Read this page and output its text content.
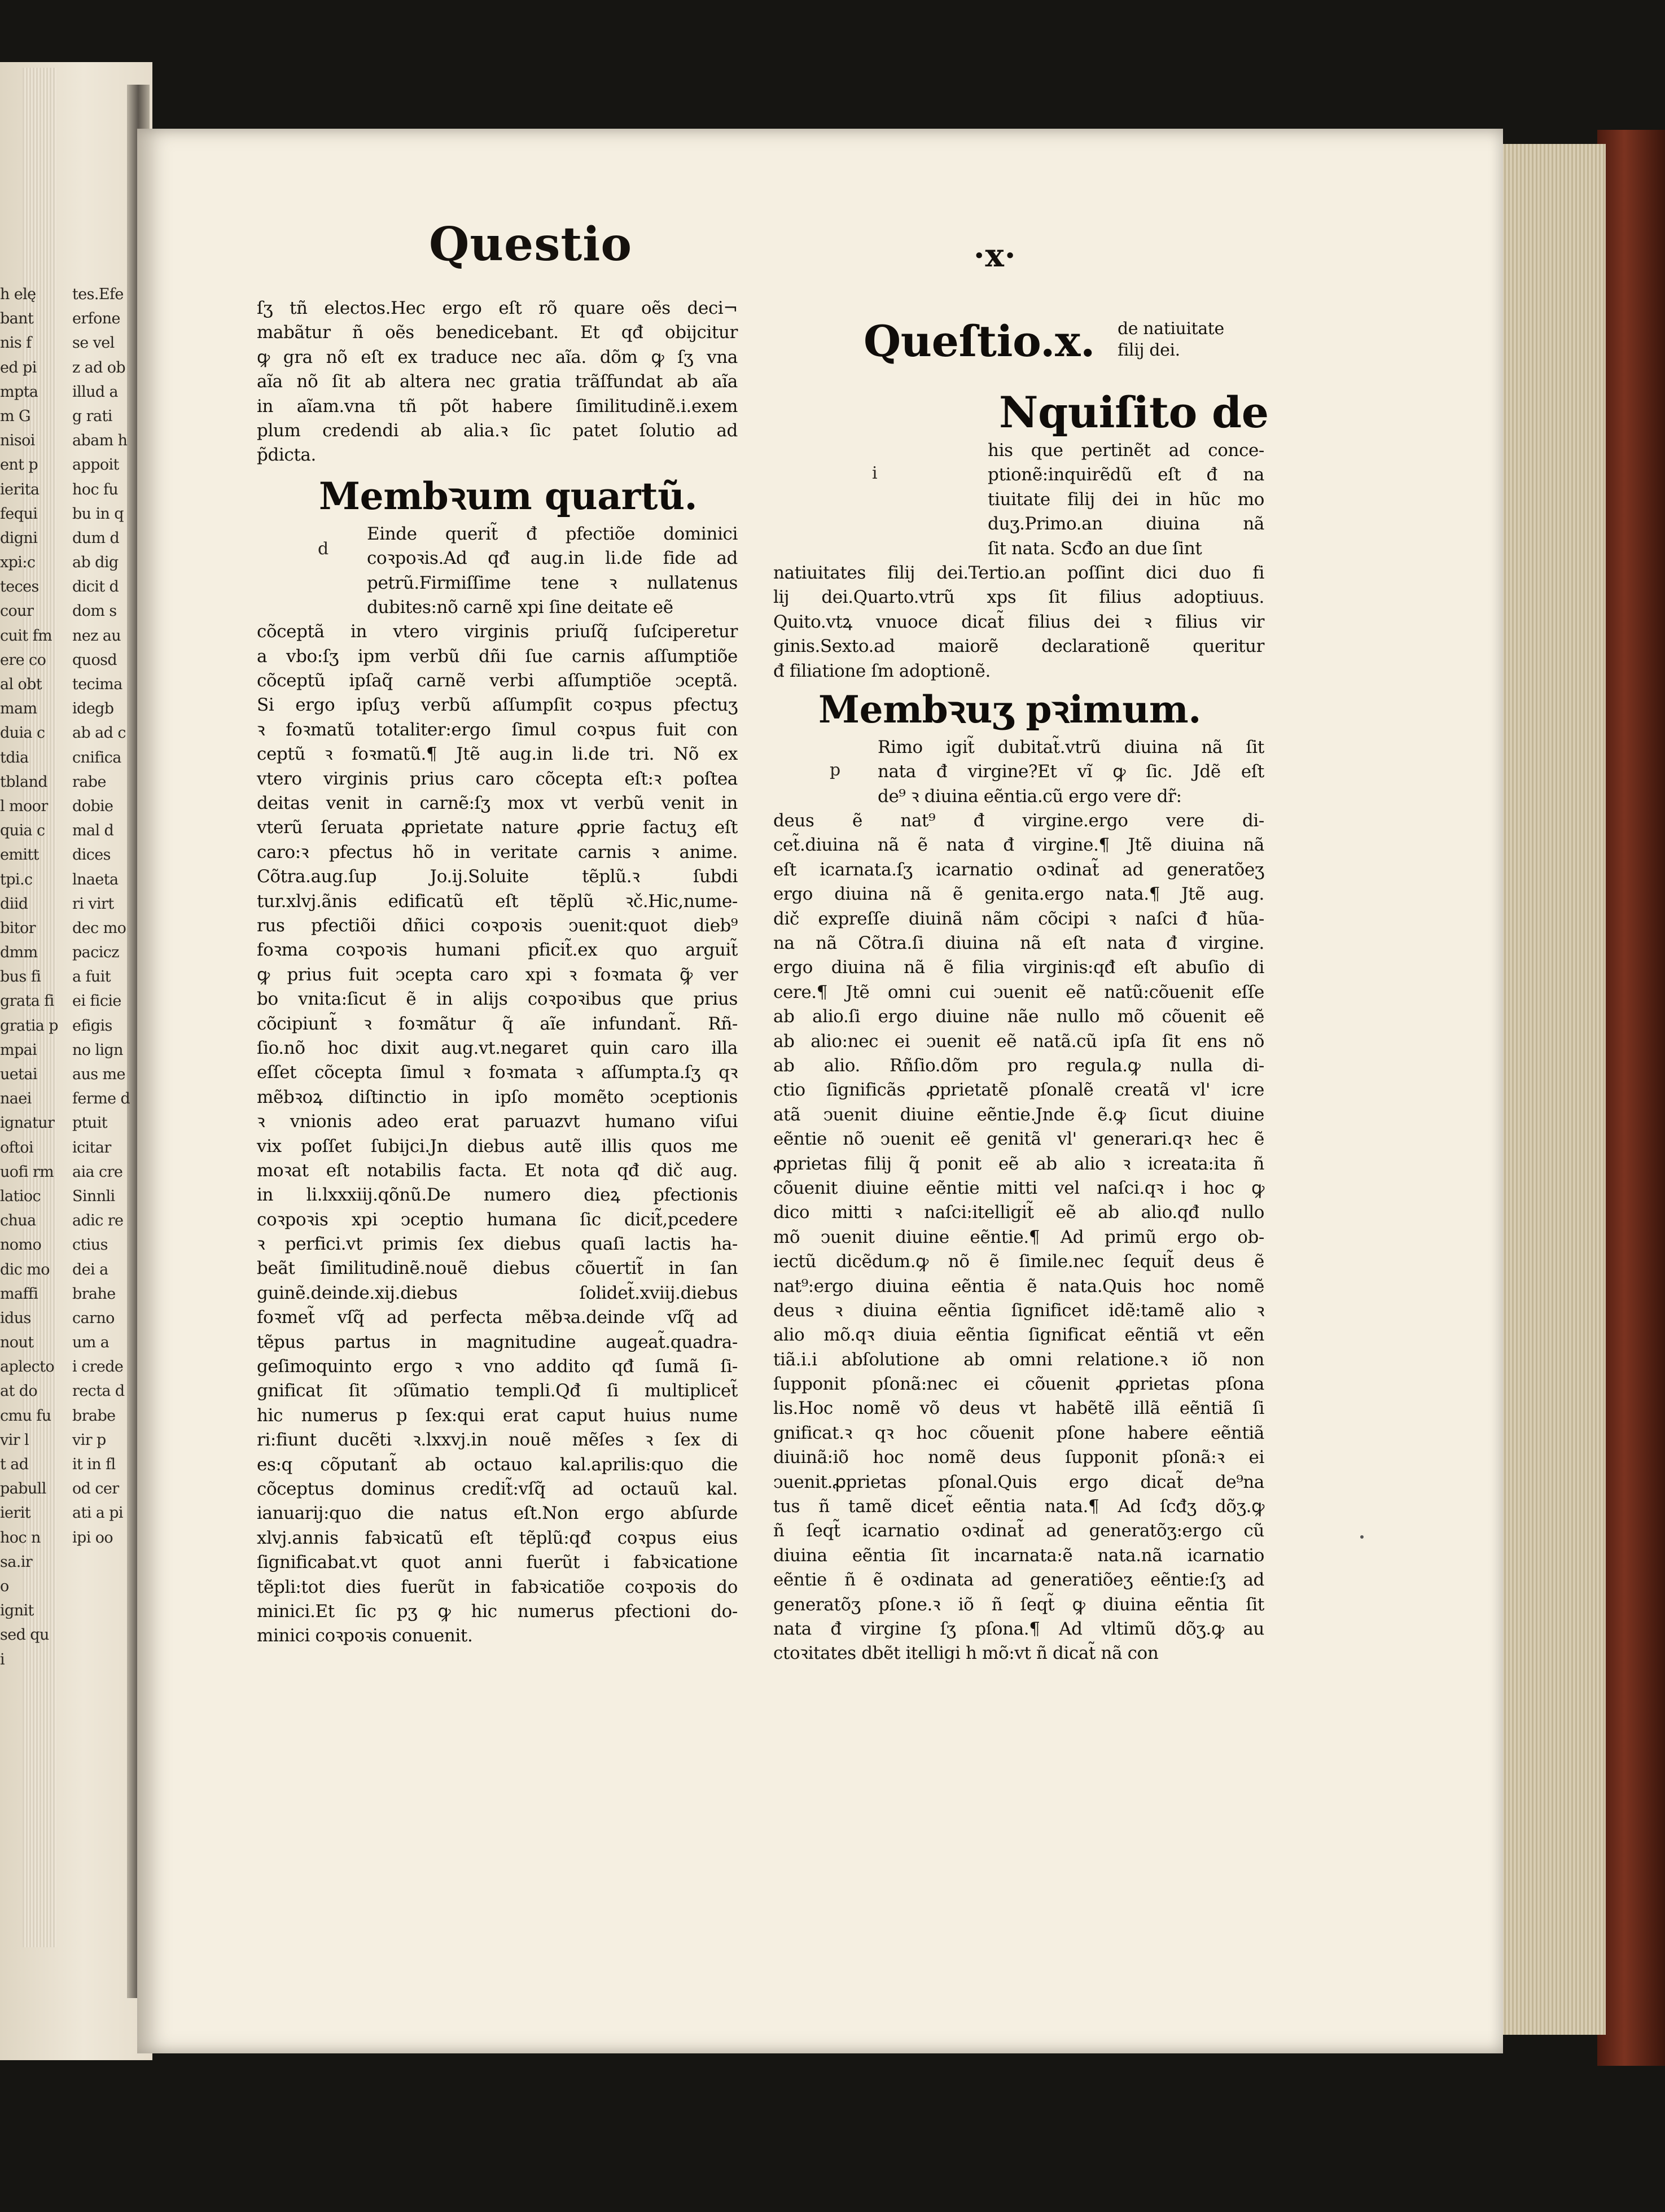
h elę
bant
nis f
ed pi
mpta
m G
nisoi
ent p
ierita
fequi
digni
xpi:c
teces
cour
cuit fm
ere co
al obt
mam
duia c
tdia
tbland
l moor
quia c
emitt
tpi.c
diid
bitor
dmm
bus fi
grata fi
gratia p
mpai
uetai
naei
ignatur
oftoi
uofi rm
latioc
chua
nomo
dic mo
maffi
idus
nout
aplecto
at do
cmu fu
vir l
t ad
pabull
ierit
hoc n
sa.ir
o
ignit
sed qu
i
tes.Efe
erfone
se vel
z ad ob
illud a
g rati
abam h
appoit
hoc fu
bu in q
dum d
ab dig
dicit d
dom s
nez au
quosd
tecima
idegb
ab ad c
cnifica
rabe
dobie
mal d
dices
lnaeta
ri virt
dec mo
pacicz
a fuit
ei ficie
efigis
no lign
aus me
ferme d
ptuit
icitar
aia cre
Sinnli
adic re
ctius
dei a
brahe
carno
um a
i crede
recta d
brabe
vir p
it in fl
od cer
ati a pi
ipi oo
Questio	·x·
ſʒ tñ electos.Hec ergo eſt rõ quare oẽs deci¬
mabãtur ñ oẽs benedicebant. Et qđ obijcitur
ꝙ gra nõ eſt ex traduce nec aĩa. dõm ꝙ ſʒ vna
aĩa nõ ſit ab altera nec gratia trãſfundat ab aĩa
in aĩam.vna tñ põt habere ſimilitudinẽ.i.exem
plum credendi ab alia.ꝛ ſic patet ſolutio ad
p̃dicta.
Membꝛum quartũ.
d
Einde querit̃ đ pfectiõe dominici
coꝛpoꝛis.Ad qđ aug.in li.de fide ad
petrũ.Firmiſſime tene ꝛ nullatenus
dubites:nõ carnẽ xpi ſine deitate eẽ
cõceptã in vtero virginis priuſq̃ ſuſciperetur
a vbo:ſʒ ipm verbũ dñi ſue carnis aſſumptiõe
cõceptũ ipſaq̃ carnẽ verbi aſſumptiõe ↄceptã.
Si ergo ipſuʒ verbũ aſſumpſit coꝛpus pfectuʒ
ꝛ foꝛmatũ totaliter:ergo ſimul coꝛpus fuit con
ceptũ ꝛ foꝛmatũ.¶ Jtẽ aug.in li.de tri. Nõ ex
vtero virginis prius caro cõcepta eſt:ꝛ poſtea
deitas venit in carnẽ:ſʒ mox vt verbũ venit in
vterũ ſeruata ꝓprietate nature ꝓprie factuʒ eſt
caro:ꝛ pfectus hõ in veritate carnis ꝛ anime.
Cõtra.aug.ſup Jo.ij.Soluite tẽplũ.ꝛ ſubdi
tur.xlvj.ãnis edificatũ eſt tẽplũ ꝛč.Hic,nume-
rus pfectiõi dñici coꝛpoꝛis ↄuenit:quot dieb⁹
foꝛma coꝛpoꝛis humani pficit̃.ex quo arguit̃
ꝙ prius fuit ↄcepta caro xpi ꝛ foꝛmata ꝙ̃ ver
bo vnita:ſicut ẽ in alijs coꝛpoꝛibus que prius
cõcipiunt̃ ꝛ foꝛmãtur q̃ aĩe infundant̃. Rñ-
ſio.nõ hoc dixit aug.vt.negaret quin caro illa
eſſet cõcepta ſimul ꝛ foꝛmata ꝛ aſſumpta.ſʒ qꝛ
mẽbꝛoꝝ diſtinctio in ipſo momẽto ↄceptionis
ꝛ vnionis adeo erat paruazvt humano viſui
vix poſſet ſubijci.Jn diebus autẽ illis quos me
moꝛat eſt notabilis facta. Et nota qđ dič aug.
in li.lxxxiij.qõnũ.De numero dieꝝ pfectionis
coꝛpoꝛis xpi ↄceptio humana ſic dicit̃,pcedere
ꝛ perfici.vt primis ſex diebus quaſi lactis ha-
beãt ſimilitudinẽ.nouẽ diebus cõuertit̃ in ſan
guinẽ.deinde.xij.diebus ſolidet̃.xviij.diebus
foꝛmet̃ vſq̃ ad perfecta mẽbꝛa.deinde vſq̃ ad
tẽpus partus in magnitudine augeat̃.quadra-
geſimoquinto ergo ꝛ vno addito qđ ſumã ſi-
gnificat ſit ↄſũmatio templi.Qđ ſi multiplicet̃
hic numerus p ſex:qui erat caput huius nume
ri:fiunt ducẽti ꝛ.lxxvj.in nouẽ mẽſes ꝛ ſex di
es:q cõputant̃ ab octauo kal.aprilis:quo die
cõceptus dominus credit̃:vſq̃ ad octauũ kal.
ianuarij:quo die natus eſt.Non ergo abſurde
xlvj.annis fabꝛicatũ eſt tẽplũ:qđ coꝛpus eius
ſignificabat.vt quot anni fuerũt i fabꝛicatione
tẽpli:tot dies fuerũt in fabꝛicatiõe coꝛpoꝛis do
minici.Et ſic pʒ ꝙ hic numerus pfectioni do-
minici coꝛpoꝛis conuenit.
Queſtio.x. de natiuitate
filij dei.
Nquiſito de
i
his que pertinẽt ad conce-
ptionẽ:inquirẽdũ eſt đ na
tiuitate filij dei in hũc mo
duʒ.Primo.an diuina nã
ſit nata. Scđo an due ſint
natiuitates filij dei.Tertio.an poſſint dici duo fi
lij dei.Quarto.vtrũ xps ſit filius adoptiuus.
Quito.vtꝝ vnuoce dicat̃ filius dei ꝛ filius vir
ginis.Sexto.ad maiorẽ declarationẽ queritur
đ filiatione ſm adoptionẽ.
Membꝛuʒ pꝛimum.
p
Rimo igit̃ dubitat̃.vtrũ diuina nã ſit
nata đ virgine?Et vĩ ꝙ ſic. Jdẽ eſt
de⁹ ꝛ diuina eẽntia.cũ ergo vere dr̃:
deus ẽ nat⁹ đ virgine.ergo vere di-
cet̃.diuina nã ẽ nata đ virgine.¶ Jtẽ diuina nã
eſt icarnata.ſʒ icarnatio oꝛdinat̃ ad generatõeʒ
ergo diuina nã ẽ genita.ergo nata.¶ Jtẽ aug.
dič expreſſe diuinã nãm cõcipi ꝛ naſci đ hũa-
na nã Cõtra.ſi diuina nã eſt nata đ virgine.
ergo diuina nã ẽ filia virginis:qđ eſt abuſio di
cere.¶ Jtẽ omni cui ↄuenit eẽ natũ:cõuenit eſſe
ab alio.ſi ergo diuine nãe nullo mõ cõuenit eẽ
ab alio:nec ei ↄuenit eẽ natã.cũ ipſa ſit ens nõ
ab alio. Rñſio.dõm pro regula.ꝙ nulla di-
ctio ſignificãs ꝓprietatẽ pſonalẽ creatã vl' icre
atã ↄuenit diuine eẽntie.Jnde ẽ.ꝙ ſicut diuine
eẽntie nõ ↄuenit eẽ genitã vl' generari.qꝛ hec ẽ
ꝓprietas filij q̃ ponit eẽ ab alio ꝛ icreata:ita ñ
cõuenit diuine eẽntie mitti vel naſci.qꝛ i hoc ꝙ
dico mitti ꝛ naſci:itelligit̃ eẽ ab alio.qđ nullo
mõ ↄuenit diuine eẽntie.¶ Ad primũ ergo ob-
iectũ dicẽdum.ꝙ nõ ẽ ſimile.nec ſequit̃ deus ẽ
nat⁹:ergo diuina eẽntia ẽ nata.Quis hoc nomẽ
deus ꝛ diuina eẽntia ſignificet idẽ:tamẽ alio ꝛ
alio mõ.qꝛ diuia eẽntia ſignificat eẽntiã vt eẽn
tiã.i.i abſolutione ab omni relatione.ꝛ iõ non
ſupponit pſonã:nec ei cõuenit ꝓprietas pſona
lis.Hoc nomẽ võ deus vt habẽtẽ illã eẽntiã ſi
gnificat.ꝛ qꝛ hoc cõuenit pſone habere eẽntiã
diuinã:iõ hoc nomẽ deus ſupponit pſonã:ꝛ ei
ↄuenit.ꝓprietas pſonal.Quis ergo dicat̃ de⁹na
tus ñ tamẽ dicet̃ eẽntia nata.¶ Ad ſcđʒ dõʒ.ꝙ
ñ ſeqt̃ icarnatio oꝛdinat̃ ad generatõʒ:ergo cũ
diuina eẽntia ſit incarnata:ẽ nata.nã icarnatio
eẽntie ñ ẽ oꝛdinata ad generatiõeʒ eẽntie:ſʒ ad
generatõʒ pſone.ꝛ iõ ñ ſeqt̃ ꝙ diuina eẽntia ſit
nata đ virgine ſʒ pſona.¶ Ad vltimũ dõʒ.ꝙ au
ctoꝛitates dbẽt itelligi h mõ:vt ñ dicat̃ nã con
